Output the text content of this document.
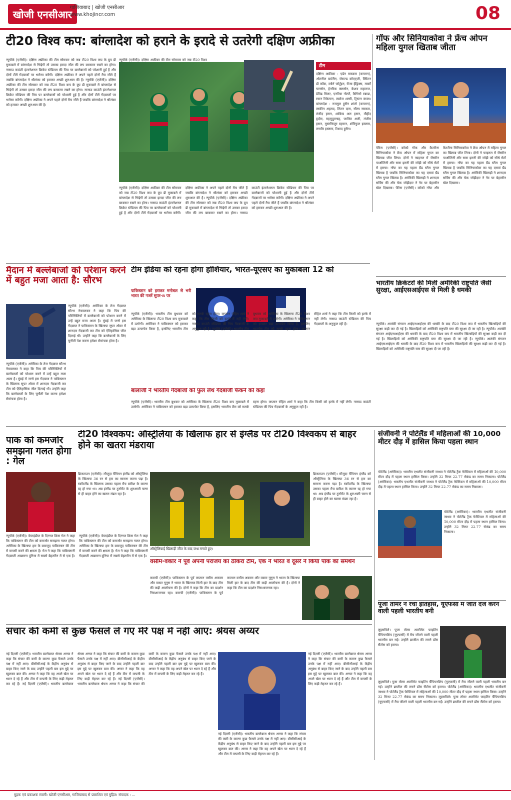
खोजी एनसीआर
गाजियाबाद | खोजी एनसीआर
www.khojincr.com	08
टी20 विश्व कप: बांग्लादेश को हराने के इरादे से उतरेगी दक्षिण अफ्रीका
न्यूयॉर्क (एजेंसी)। दक्षिण अफ्रीका की टीम सोमवार को जब टी20 विश्व कप के ग्रुप डी मुकाबले में बांग्लादेश से भिड़ेगी तो उसका इरादा जीत की लय बरकरार रखने का होगा। नासाउ काउंटी इंटरनेशनल क्रिकेट स्टेडियम की पिच पर बल्लेबाजों को परेशानी हुई है और दोनों टीमें गेंदबाजों पर भरोसा करेंगी। दक्षिण अफ्रीका ने अपने पहले दोनों मैच जीते हैं जबकि बांग्लादेश ने श्रीलंका को हराकर अच्छी शुरुआत की है। न्यूयॉर्क (एजेंसी)। दक्षिण अफ्रीका की टीम सोमवार को जब टी20 विश्व कप के ग्रुप डी मुकाबले में बांग्लादेश से भिड़ेगी तो उसका इरादा जीत की लय बरकरार रखने का होगा। नासाउ काउंटी इंटरनेशनल क्रिकेट स्टेडियम की पिच पर बल्लेबाजों को परेशानी हुई है और दोनों टीमें गेंदबाजों पर भरोसा करेंगी। दक्षिण अफ्रीका ने अपने पहले दोनों मैच जीते हैं जबकि बांग्लादेश ने श्रीलंका को हराकर अच्छी शुरुआत की है।
न्यूयॉर्क (एजेंसी)। दक्षिण अफ्रीका की टीम सोमवार को जब टी20 विश्व
न्यूयॉर्क (एजेंसी)। दक्षिण अफ्रीका की टीम सोमवार को जब टी20 विश्व कप के ग्रुप डी मुकाबले में बांग्लादेश से भिड़ेगी तो उसका इरादा जीत की लय बरकरार रखने का होगा। नासाउ काउंटी इंटरनेशनल क्रिकेट स्टेडियम की पिच पर बल्लेबाजों को परेशानी हुई है और दोनों टीमें गेंदबाजों पर भरोसा करेंगी। दक्षिण अफ्रीका ने अपने पहले दोनों मैच जीते हैं जबकि बांग्लादेश ने श्रीलंका को हराकर अच्छी शुरुआत की है। न्यूयॉर्क (एजेंसी)। दक्षिण अफ्रीका की टीम सोमवार को जब टी20 विश्व कप के ग्रुप डी मुकाबले में बांग्लादेश से भिड़ेगी तो उसका इरादा जीत की लय बरकरार रखने का होगा। नासाउ काउंटी इंटरनेशनल क्रिकेट स्टेडियम की पिच पर बल्लेबाजों को परेशानी हुई है और दोनों टीमें गेंदबाजों पर भरोसा करेंगी। दक्षिण अफ्रीका ने अपने पहले दोनों मैच जीते हैं जबकि बांग्लादेश ने श्रीलंका को हराकर अच्छी शुरुआत की है।
टीम
दक्षिण अफ्रीका : एडेन मारक्रम (कप्तान), ओटनील बार्टमैन, जेराल्ड कोएट्जी, क्विंटन डी कॉक, ब्योर्न फोर्टुइन, रीजा हेंड्रिक्स, मार्को यानसेन, हेनरिक क्लासेन, केशव महाराज, डेविड मिलर, एनरिक नोर्त्जे, कैगिसो रबाडा, रयान रिकेल्टन, तबरेज शम्सी, ट्रिस्टन स्टब्स। बांग्लादेश : नजमुल हुसैन शांतो (कप्तान), तस्कीन अहमद, लिटन दास, सौम्य सरकार, तंजीद हसन, शाकिब अल हसन, तौहीद हृदोय, महमूदुल्लाह, जाकिर अली, तंजीम हसन, मुस्तफिजुर रहमान, शोरिफुल इस्लाम, तनवीर इस्लाम, रिशाद हुसैन।
गॉफ और सिनियाकोवा ने फ्रेंच ओपन महिला युगल खिताब जीता
पेरिस (एजेंसी)। कोको गॉफ और कैटरीना सिनियाकोवा ने फ्रेंच ओपन में महिला युगल का खिताब जीत लिया। दोनों ने फाइनल में जैस्मीन पाओलिनी और सारा इरानी की जोड़ी को सीधे सेटों में हराया। गॉफ का यह पहला ग्रैंड स्लैम युगल खिताब है जबकि सिनियाकोवा का यह दसवां ग्रैंड स्लैम युगल खिताब है। अमेरिकी खिलाड़ी ने शानदार सर्विस की और चेक जोड़ीदार ने नेट पर बेहतरीन खेल दिखाया। पेरिस (एजेंसी)। कोको गॉफ और कैटरीना सिनियाकोवा ने फ्रेंच ओपन में महिला युगल का खिताब जीत लिया। दोनों ने फाइनल में जैस्मीन पाओलिनी और सारा इरानी की जोड़ी को सीधे सेटों में हराया। गॉफ का यह पहला ग्रैंड स्लैम युगल खिताब है जबकि सिनियाकोवा का यह दसवां ग्रैंड स्लैम युगल खिताब है। अमेरिकी खिलाड़ी ने शानदार सर्विस की और चेक जोड़ीदार ने नेट पर बेहतरीन खेल दिखाया।
मैदान में बल्लेबाजों को परेशान करने में बहुत मजा आता है: सौरभ
न्यूयॉर्क (एजेंसी)। अमेरिका के तेज गेंदबाज सौरभ नेत्रवलकर ने कहा कि पिच की परिस्थितियों में बल्लेबाजों को परेशान करने में उन्हें बहुत मजा आता है। मुंबई में जन्मे इस गेंदबाज ने पाकिस्तान के खिलाफ सुपर ओवर में शानदार गेंदबाजी कर टीम को ऐतिहासिक जीत दिलाई थी। उन्होंने कहा कि बल्लेबाजों के लिए चुनौती पेश करना हमेशा रोमांचक होता है।
न्यूयॉर्क (एजेंसी)। अमेरिका के तेज गेंदबाज सौरभ नेत्रवलकर ने कहा कि पिच की परिस्थितियों में बल्लेबाजों को परेशान करने में उन्हें बहुत मजा आता है। मुंबई में जन्मे इस गेंदबाज ने पाकिस्तान के खिलाफ सुपर ओवर में शानदार गेंदबाजी कर टीम को ऐतिहासिक जीत दिलाई थी। उन्होंने कहा कि बल्लेबाजों के लिए चुनौती पेश करना हमेशा रोमांचक होता है।
टीम इंडिया को रहना होगा होशियार, भारत-यूएसए का मुकाबला 12 को
पाकिस्तान को हराकर मनोबल से भरी भारत की नजरें सुपर-8 पर
न्यूयॉर्क (एजेंसी)। भारतीय टीम बुधवार को अमेरिका के खिलाफ टी20 विश्व कप मुकाबले में उतरेगी। अमेरिका ने पाकिस्तान को हराकर बड़ा उलटफेर किया है, इसलिए भारतीय टीम को सतर्क रहना होगा। कप्तान रोहित शर्मा ने कहा कि टीम किसी को हल्के में नहीं लेगी। नासाउ काउंटी स्टेडियम की पिच गेंदबाजों के अनुकूल रही है। न्यूयॉर्क (एजेंसी)। भारतीय टीम बुधवार को अमेरिका के खिलाफ टी20 विश्व कप मुकाबले में उतरेगी। अमेरिका ने पाकिस्तान को हराकर बड़ा उलटफेर किया है, इसलिए भारतीय टीम को सतर्क रहना होगा। कप्तान रोहित शर्मा ने कहा कि टीम किसी को हल्के में नहीं लेगी। नासाउ काउंटी स्टेडियम की पिच गेंदबाजों के अनुकूल रही है।
बालाजी ने भारतीय गेंदबाजों को फुल लेंथ गेंदबाजी फेंकने को कहा
न्यूयॉर्क (एजेंसी)। भारतीय टीम बुधवार को अमेरिका के खिलाफ टी20 विश्व कप मुकाबले में उतरेगी। अमेरिका ने पाकिस्तान को हराकर बड़ा उलटफेर किया है, इसलिए भारतीय टीम को सतर्क रहना होगा। कप्तान रोहित शर्मा ने कहा कि टीम किसी को हल्के में नहीं लेगी। नासाउ काउंटी स्टेडियम की पिच गेंदबाजों के अनुकूल रही है।
भारतीय क्रिकेटरों की मिली अमेरिकी राष्ट्रपति जैसी सुरक्षा, आईएसआईएस से मिली है धमकी
न्यूयॉर्क। आतंकी संगठन आईएसआईएस की धमकी के बाद टी20 विश्व कप में भारतीय खिलाड़ियों की सुरक्षा कड़ी कर दी गई है। खिलाड़ियों को अमेरिकी राष्ट्रपति स्तर की सुरक्षा दी जा रही है। न्यूयॉर्क। आतंकी संगठन आईएसआईएस की धमकी के बाद टी20 विश्व कप में भारतीय खिलाड़ियों की सुरक्षा कड़ी कर दी गई है। खिलाड़ियों को अमेरिकी राष्ट्रपति स्तर की सुरक्षा दी जा रही है। न्यूयॉर्क। आतंकी संगठन आईएसआईएस की धमकी के बाद टी20 विश्व कप में भारतीय खिलाड़ियों की सुरक्षा कड़ी कर दी गई है। खिलाड़ियों को अमेरिकी राष्ट्रपति स्तर की सुरक्षा दी जा रही है।
टी20 विश्वकप: ऑस्ट्रेलिया के खिलाफ हार से इंग्लैंड पर टी20 विश्वकप से बाहर होने का खतरा मंडराया
ब्रिजटाउन (एजेंसी)। मौजूदा चैंपियन इंग्लैंड को ऑस्ट्रेलिया के खिलाफ 36 रन से हार का सामना करना पड़ा है। स्कॉटलैंड के खिलाफ उसका पहला मैच बारिश के कारण रद्द हो गया था। अब इंग्लैंड पर टूर्नामेंट के शुरुआती चरण से ही बाहर होने का खतरा मंडरा रहा है।
ऑस्ट्रेलियाई खिलाड़ी जीत के बाद जश्न मनाते हुए।
ब्रिजटाउन (एजेंसी)। मौजूदा चैंपियन इंग्लैंड को ऑस्ट्रेलिया के खिलाफ 36 रन से हार का सामना करना पड़ा है। स्कॉटलैंड के खिलाफ उसका पहला मैच बारिश के कारण रद्द हो गया था। अब इंग्लैंड पर टूर्नामेंट के शुरुआती चरण से ही बाहर होने का खतरा मंडरा रहा है।
पाक को कमजोर समझना गलत होगा : गेल
न्यूयॉर्क (एजेंसी)। वेस्टइंडीज के दिग्गज क्रिस गेल ने कहा कि पाकिस्तान की टीम को कमजोर समझना गलत होगा। अमेरिका के खिलाफ हार के बावजूद पाकिस्तान की टीम में वापसी करने की क्षमता है। गेल ने कहा कि पाकिस्तानी गेंदबाजी आक्रमण दुनिया में सबसे बेहतरीन में से एक है। न्यूयॉर्क (एजेंसी)। वेस्टइंडीज के दिग्गज क्रिस गेल ने कहा कि पाकिस्तान की टीम को कमजोर समझना गलत होगा। अमेरिका के खिलाफ हार के बावजूद पाकिस्तान की टीम में वापसी करने की क्षमता है। गेल ने कहा कि पाकिस्तानी गेंदबाजी आक्रमण दुनिया में सबसे बेहतरीन में से एक है।
वसीम-वकार ने पूर्व अपनी पराजय का ठीकरा टीम, एक ने भारत व दूसरे ने किया पाक का समर्थन
कराची (एजेंसी)। पाकिस्तान के पूर्व कप्तान वसीम अकरम और वकार यूनुस ने भारत के खिलाफ मिली हार के बाद टीम की कड़ी आलोचना की है। दोनों ने कहा कि टीम का प्रदर्शन निराशाजनक रहा। कराची (एजेंसी)। पाकिस्तान के पूर्व कप्तान वसीम अकरम और वकार यूनुस ने भारत के खिलाफ मिली हार के बाद टीम की कड़ी आलोचना की है। दोनों ने कहा कि टीम का प्रदर्शन निराशाजनक रहा।
संजीवनी ने पोर्टलैंड में महिलाओं की 10,000 मीटर दौड़ में हासिल किया पहला स्थान
पोर्टलैंड (अमेरिका)। भारतीय एथलीट संजीवनी जाधव ने पोर्टलैंड ट्रैक फेस्टिवल में महिलाओं की 10,000 मीटर दौड़ में पहला स्थान हासिल किया। उन्होंने 32 मिनट 22.77 सेकंड का समय निकाला। पोर्टलैंड (अमेरिका)। भारतीय एथलीट संजीवनी जाधव ने पोर्टलैंड ट्रैक फेस्टिवल में महिलाओं की 10,000 मीटर दौड़ में पहला स्थान हासिल किया। उन्होंने 32 मिनट 22.77 सेकंड का समय निकाला।
पोर्टलैंड (अमेरिका)। भारतीय एथलीट संजीवनी जाधव ने पोर्टलैंड ट्रैक फेस्टिवल में महिलाओं की 10,000 मीटर दौड़ में पहला स्थान हासिल किया। उन्होंने 32 मिनट 22.77 सेकंड का समय निकाला।
पूजा तोमर ने रचा इतिहास, यूएफसी में जीत दर्ज करने वाली पहली भारतीय बनी
लुइसविले। पूजा तोमर अल्टीमेट फाइटिंग चैंपियनशिप (यूएफसी) में मैच जीतने वाली पहली भारतीय बन गईं। उन्होंने ब्राजील की रायने डॉस सैंटोस को हराया।
लुइसविले। पूजा तोमर अल्टीमेट फाइटिंग चैंपियनशिप (यूएफसी) में मैच जीतने वाली पहली भारतीय बन गईं। उन्होंने ब्राजील की रायने डॉस सैंटोस को हराया। पोर्टलैंड (अमेरिका)। भारतीय एथलीट संजीवनी जाधव ने पोर्टलैंड ट्रैक फेस्टिवल में महिलाओं की 10,000 मीटर दौड़ में पहला स्थान हासिल किया। उन्होंने 32 मिनट 22.77 सेकंड का समय निकाला। लुइसविले। पूजा तोमर अल्टीमेट फाइटिंग चैंपियनशिप (यूएफसी) में मैच जीतने वाली पहली भारतीय बन गईं। उन्होंने ब्राजील की रायने डॉस सैंटोस को हराया।
संचार की कमी से कुछ फैसले ले गए मेरे पक्ष में नहीं आए: श्रेयस अय्यर
नई दिल्ली (एजेंसी)। भारतीय बल्लेबाज श्रेयस अय्यर ने कहा कि संचार की कमी के कारण कुछ फैसले उनके पक्ष में नहीं आए। बीसीसीआई के केंद्रीय अनुबंध से बाहर किए जाने के बाद उन्होंने पहली बार इस मुद्दे पर खुलकर बात की। अय्यर ने कहा कि वह अपने खेल पर ध्यान दे रहे हैं और टीम में वापसी के लिए कड़ी मेहनत कर रहे हैं। नई दिल्ली (एजेंसी)। भारतीय बल्लेबाज श्रेयस अय्यर ने कहा कि संचार की कमी के कारण कुछ फैसले उनके पक्ष में नहीं आए। बीसीसीआई के केंद्रीय अनुबंध से बाहर किए जाने के बाद उन्होंने पहली बार इस मुद्दे पर खुलकर बात की। अय्यर ने कहा कि वह अपने खेल पर ध्यान दे रहे हैं और टीम में वापसी के लिए कड़ी मेहनत कर रहे हैं। नई दिल्ली (एजेंसी)। भारतीय बल्लेबाज श्रेयस अय्यर ने कहा कि संचार की कमी के कारण कुछ फैसले उनके पक्ष में नहीं आए। बीसीसीआई के केंद्रीय अनुबंध से बाहर किए जाने के बाद उन्होंने पहली बार इस मुद्दे पर खुलकर बात की। अय्यर ने कहा कि वह अपने खेल पर ध्यान दे रहे हैं और टीम में वापसी के लिए कड़ी मेहनत कर रहे हैं।
नई दिल्ली (एजेंसी)। भारतीय बल्लेबाज श्रेयस अय्यर ने कहा कि संचार की कमी के कारण कुछ फैसले उनके पक्ष में नहीं आए। बीसीसीआई के केंद्रीय अनुबंध से बाहर किए जाने के बाद उन्होंने पहली बार इस मुद्दे पर खुलकर बात की। अय्यर ने कहा कि वह अपने खेल पर ध्यान दे रहे हैं और टीम में वापसी के लिए कड़ी मेहनत कर रहे हैं।
नई दिल्ली (एजेंसी)। भारतीय बल्लेबाज श्रेयस अय्यर ने कहा कि संचार की कमी के कारण कुछ फैसले उनके पक्ष में नहीं आए। बीसीसीआई के केंद्रीय अनुबंध से बाहर किए जाने के बाद उन्होंने पहली बार इस मुद्दे पर खुलकर बात की। अय्यर ने कहा कि वह अपने खेल पर ध्यान दे रहे हैं और टीम में वापसी के लिए कड़ी मेहनत कर रहे हैं।
मुद्रक एवं प्रकाशक स्वामी: खोजी एनसीआर, गाजियाबाद से प्रकाशित एवं मुद्रित। संपादक : ...
